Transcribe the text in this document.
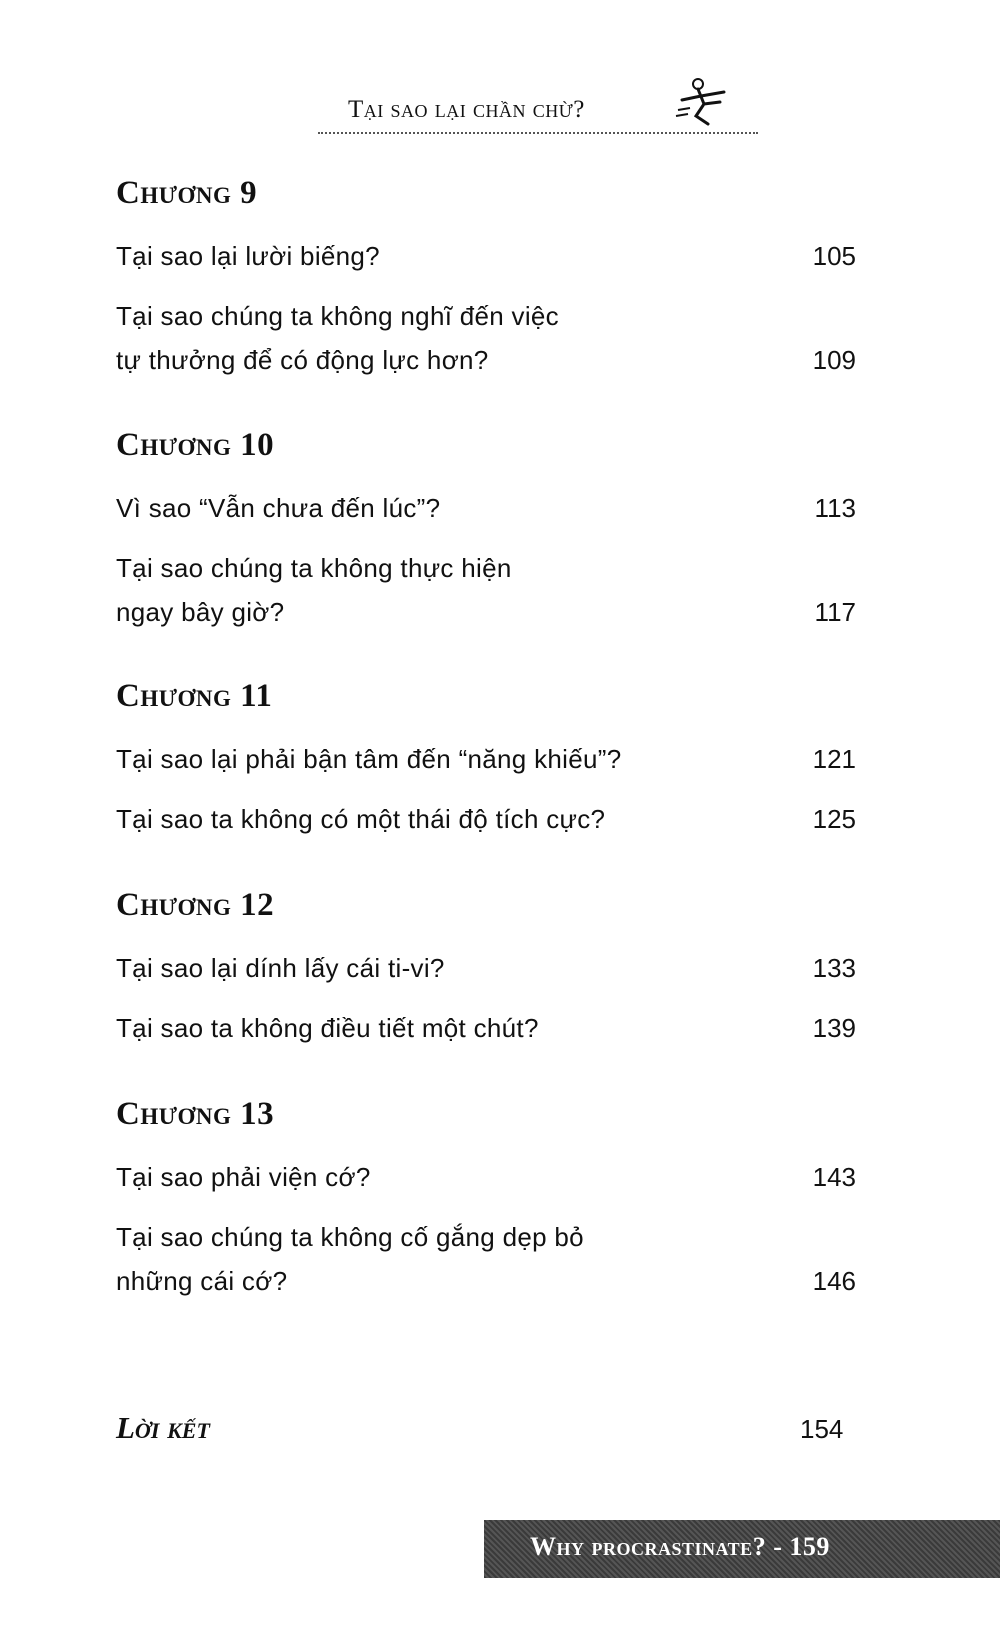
Tại sao lại chần chừ?
Chương 9
Tại sao lại lười biếng?	105
Tại sao chúng ta không nghĩ đến việc
tự thưởng để có động lực hơn?	109
Chương 10
Vì sao “Vẫn chưa đến lúc”?	113
Tại sao chúng ta không thực hiện
ngay bây giờ?	117
Chương 11
Tại sao lại phải bận tâm đến “năng khiếu”?	121
Tại sao ta không có một thái độ tích cực?	125
Chương 12
Tại sao lại dính lấy cái ti-vi?	133
Tại sao ta không điều tiết một chút?	139
Chương 13
Tại sao phải viện cớ?	143
Tại sao chúng ta không cố gắng dẹp bỏ
những cái cớ?	146
Lời kết	154
Why procrastinate? - 159
